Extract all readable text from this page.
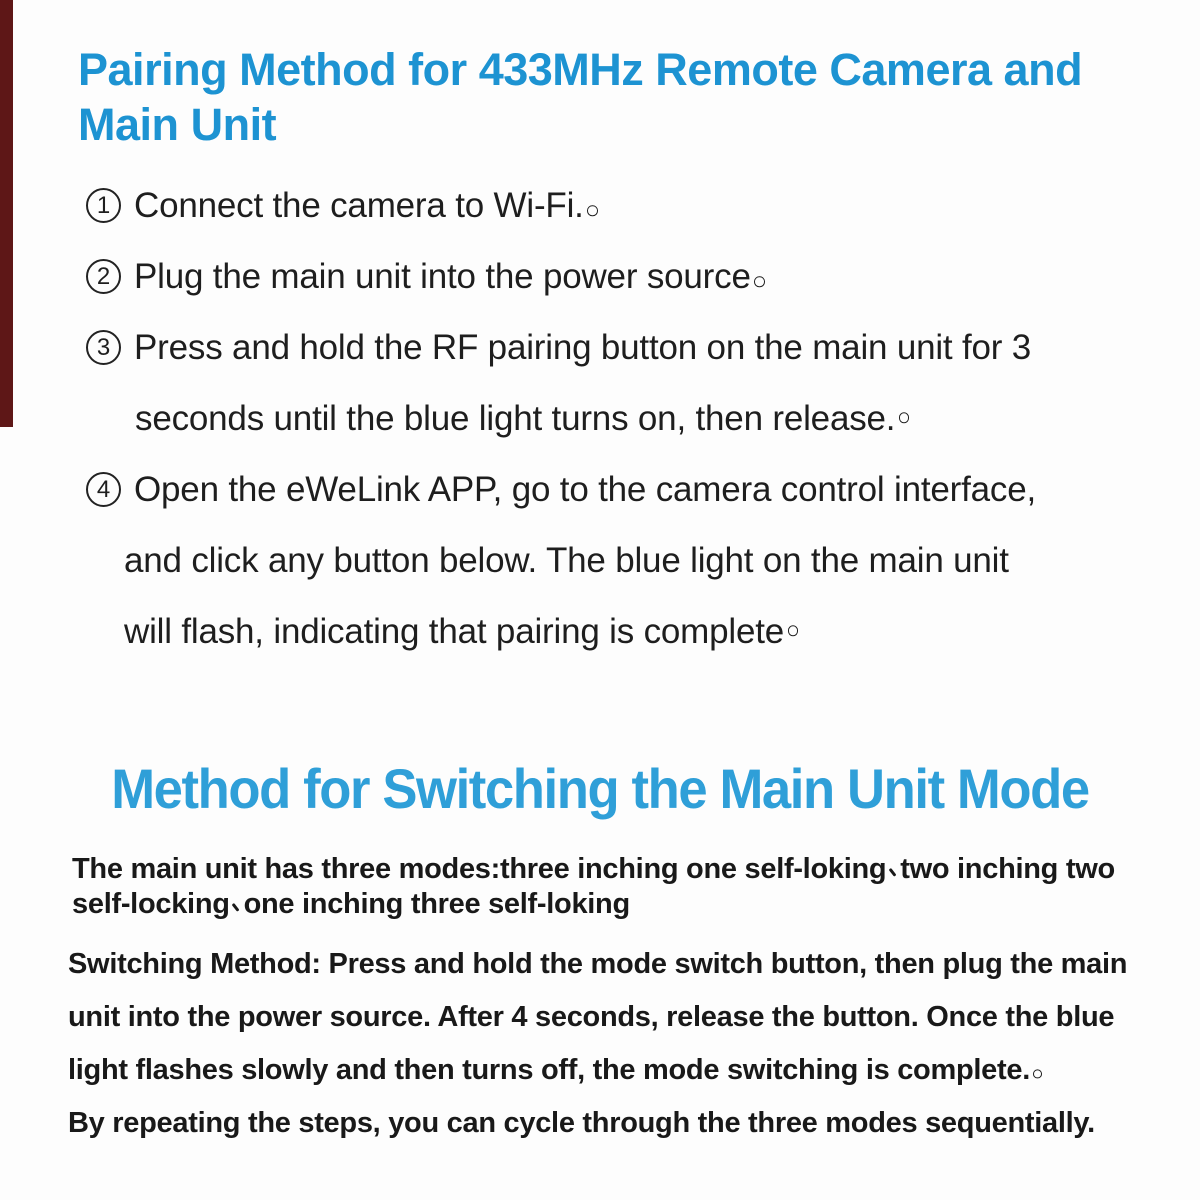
Pairing Method for 433MHz Remote Camera and
Main Unit
1 Connect the camera to Wi-Fi.
2 Plug the main unit into the power source
3 Press and hold the RF pairing button on the main unit for 3
seconds until the blue light turns on, then release.
4 Open the eWeLink APP, go to the camera control interface,
and click any button below. The blue light on the main unit
will flash, indicating that pairing is complete
Method for Switching the Main Unit Mode
The main unit has three modes:three inching one self-loking two inching two
self-locking one inching three self-loking
Switching Method: Press and hold the mode switch button, then plug the main
unit into the power source. After 4 seconds, release the button. Once the blue
light flashes slowly and then turns off, the mode switching is complete.
By repeating the steps, you can cycle through the three modes sequentially.
